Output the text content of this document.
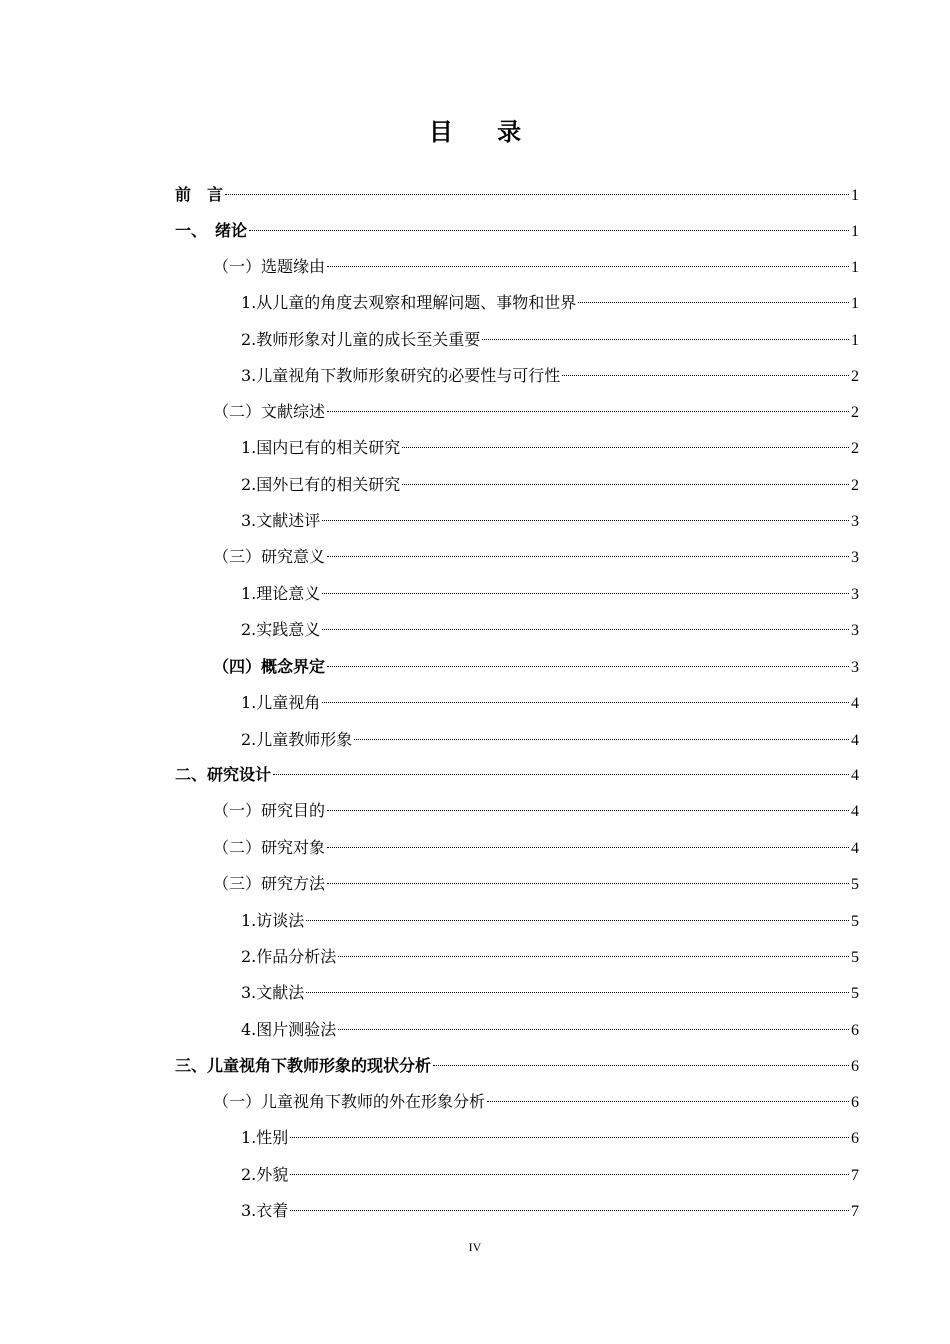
目 录
前　言	1
一、　绪论	1
（一）选题缘由	1
1.从儿童的角度去观察和理解问题、事物和世界	1
2.教师形象对儿童的成长至关重要	1
3.儿童视角下教师形象研究的必要性与可行性	2
（二）文献综述	2
1.国内已有的相关研究	2
2.国外已有的相关研究	2
3.文献述评	3
（三）研究意义	3
1.理论意义	3
2.实践意义	3
（四）概念界定	3
1.儿童视角	4
2.儿童教师形象	4
二、研究设计	4
（一）研究目的	4
（二）研究对象	4
（三）研究方法	5
1.访谈法	5
2.作品分析法	5
3.文献法	5
4.图片测验法	6
三、儿童视角下教师形象的现状分析	6
（一）儿童视角下教师的外在形象分析	6
1.性别	6
2.外貌	7
3.衣着	7
IV
